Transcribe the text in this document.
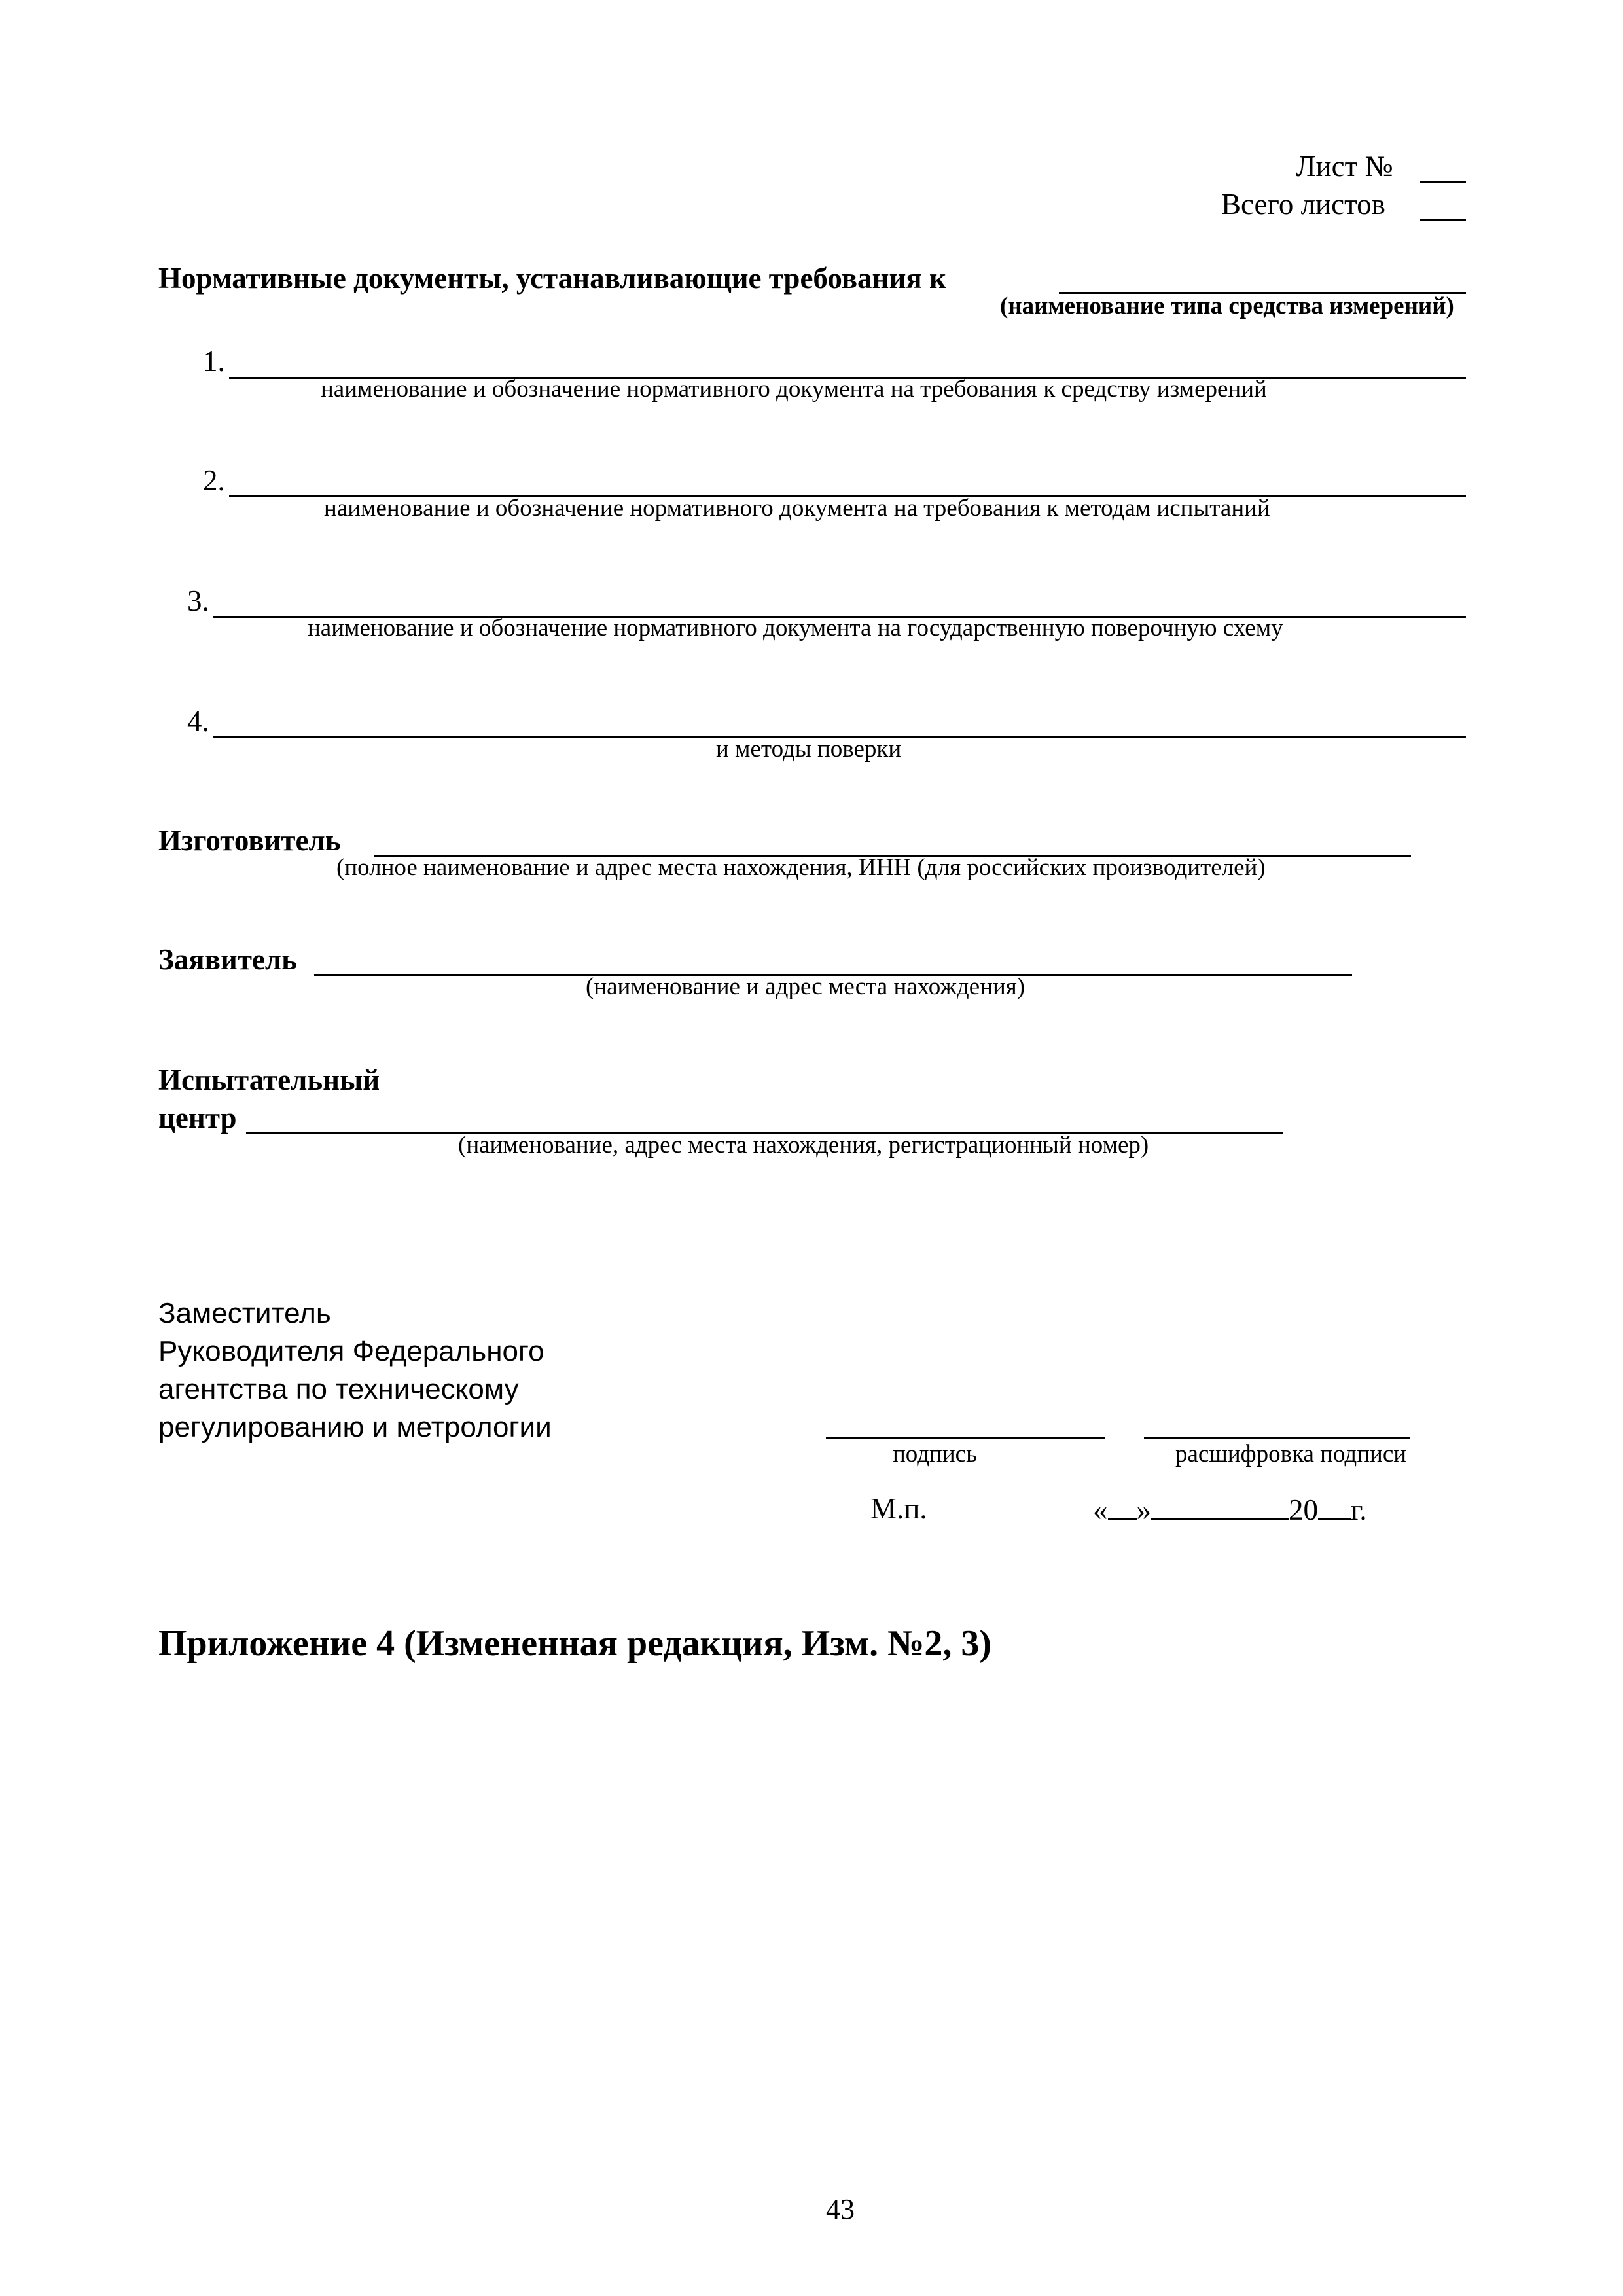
Лист №
Всего листов
Нормативные документы, устанавливающие требования к
(наименование типа средства измерений)
1.
наименование и обозначение нормативного документа на требования к средству измерений
2.
наименование и обозначение нормативного документа на требования к методам испытаний
3.
наименование и обозначение нормативного документа на государственную поверочную схему
4.
и методы поверки
Изготовитель
(полное наименование и адрес места нахождения, ИНН (для российских производителей)
Заявитель
(наименование и адрес места нахождения)
Испытательный
центр
(наименование, адрес места нахождения, регистрационный номер)
Заместитель
Руководителя Федерального
агентства по техническому
регулированию и метрологии
подпись	расшифровка подписи
М.п.	« »	20 г.
Приложение 4 (Измененная редакция, Изм. №2, 3)
43
